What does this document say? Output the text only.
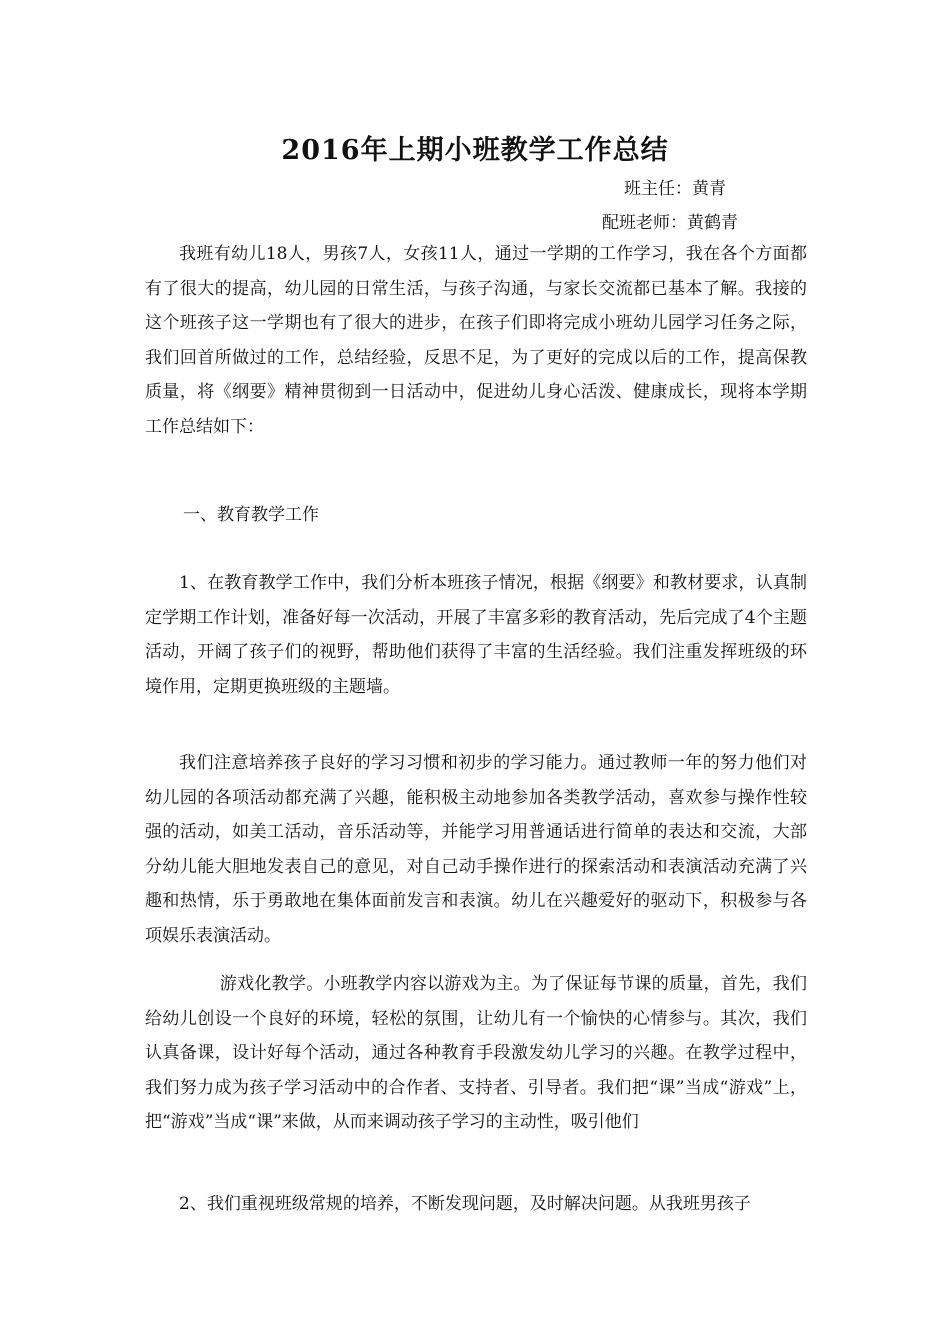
2016年上期小班教学工作总结
班主任：黄青
配班老师：黄鹤青

我班有幼儿18人，男孩7人，女孩11人，通过一学期的工作学习，我在各个方面都有了很大的提高，幼儿园的日常生活，与孩子沟通，与家长交流都已基本了解。我接的这个班孩子这一学期也有了很大的进步，在孩子们即将完成小班幼儿园学习任务之际，我们回首所做过的工作，总结经验，反思不足，为了更好的完成以后的工作，提高保教质量，将《纲要》精神贯彻到一日活动中，促进幼儿身心活泼、健康成长，现将本学期工作总结如下：

一、教育教学工作

1、在教育教学工作中，我们分析本班孩子情况，根据《纲要》和教材要求，认真制定学期工作计划，准备好每一次活动，开展了丰富多彩的教育活动，先后完成了4个主题活动，开阔了孩子们的视野，帮助他们获得了丰富的生活经验。我们注重发挥班级的环境作用，定期更换班级的主题墙。

我们注意培养孩子良好的学习习惯和初步的学习能力。通过教师一年的努力他们对幼儿园的各项活动都充满了兴趣，能积极主动地参加各类教学活动，喜欢参与操作性较强的活动，如美工活动，音乐活动等，并能学习用普通话进行简单的表达和交流，大部分幼儿能大胆地发表自己的意见，对自己动手操作进行的探索活动和表演活动充满了兴趣和热情，乐于勇敢地在集体面前发言和表演。幼儿在兴趣爱好的驱动下，积极参与各项娱乐表演活动。

游戏化教学。小班教学内容以游戏为主。为了保证每节课的质量，首先，我们给幼儿创设一个良好的环境，轻松的氛围，让幼儿有一个愉快的心情参与。其次，我们认真备课，设计好每个活动，通过各种教育手段激发幼儿学习的兴趣。在教学过程中，我们努力成为孩子学习活动中的合作者、支持者、引导者。我们把“课”当成“游戏”上，把“游戏”当成“课”来做，从而来调动孩子学习的主动性，吸引他们

2、我们重视班级常规的培养，不断发现问题，及时解决问题。从我班男孩子
